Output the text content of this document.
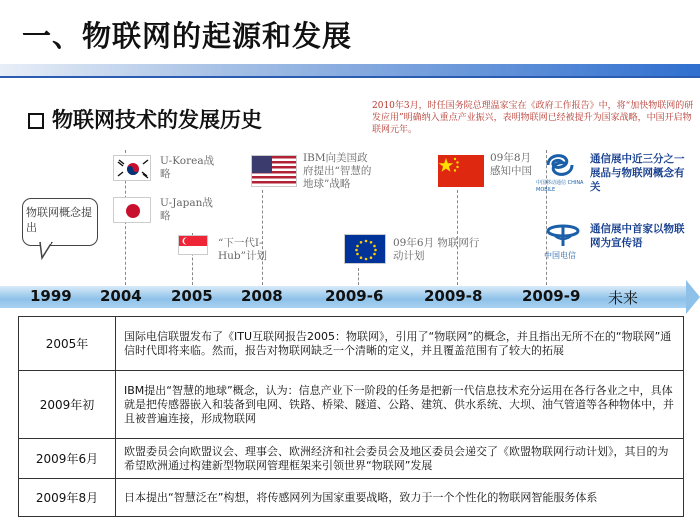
一、物联网的起源和发展
物联网技术的发展历史
2010年3月，时任国务院总理温家宝在《政府工作报告》中，将“加快物联网的研发应用”明确纳入重点产业振兴，表明物联网已经被提升为国家战略，中国开启物联网元年。
物联网概念提出
U-Korea战略
U-Japan战略
“下一代I-Hub”计划
IBM向美国政府提出“智慧的地球”战略
09年6月 物联网行动计划
09年8月 感知中国
中国移动通信 CHINA MOBILE
通信展中近三分之一展品与物联网概念有关
中国电信
通信展中首家以物联网为宣传语
1999 2004 2005 2008	2009-6	2009-8	2009-9 未来
2005年	国际电信联盟发布了《ITU互联网报告2005：物联网》，引用了“物联网”的概念，并且指出无所不在的“物联网”通信时代即将来临。然而，报告对物联网缺乏一个清晰的定义，并且覆盖范围有了较大的拓展
2009年初	IBM提出“智慧的地球”概念，认为：信息产业下一阶段的任务是把新一代信息技术充分运用在各行各业之中，具体就是把传感器嵌入和装备到电网、铁路、桥梁、隧道、公路、建筑、供水系统、大坝、油气管道等各种物体中，并且被普遍连接，形成物联网
2009年6月	欧盟委员会向欧盟议会、理事会、欧洲经济和社会委员会及地区委员会递交了《欧盟物联网行动计划》，其目的为希望欧洲通过构建新型物联网管理框架来引领世界“物联网”发展
2009年8月	日本提出“智慧泛在”构想，将传感网列为国家重要战略，致力于一个个性化的物联网智能服务体系
